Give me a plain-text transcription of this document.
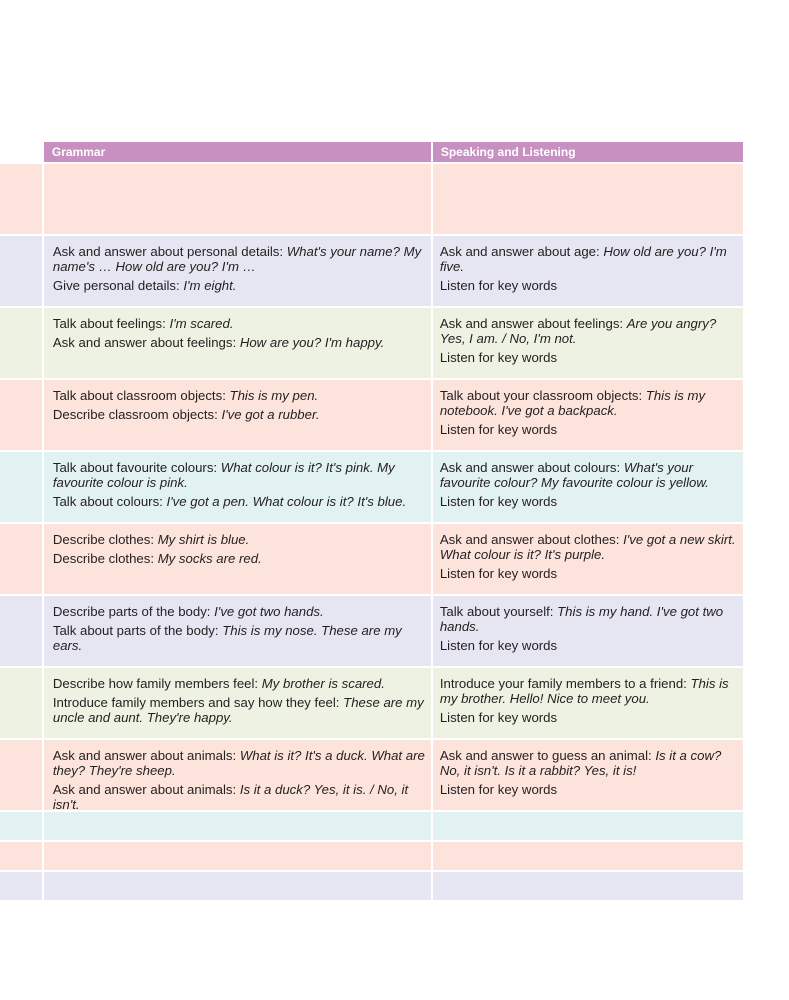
Grammar	Speaking and Listening
Ask and answer about personal details: What's your name? My name's … How old are you? I'm …
Give personal details: I'm eight.
Ask and answer about age: How old are you? I'm five.
Listen for key words
Talk about feelings: I'm scared.
Ask and answer about feelings: How are you? I'm happy.
Ask and answer about feelings: Are you angry? Yes, I am. / No, I'm not.
Listen for key words
Talk about classroom objects: This is my pen.
Describe classroom objects: I've got a rubber.
Talk about your classroom objects: This is my notebook. I've got a backpack.
Listen for key words
Talk about favourite colours: What colour is it? It's pink. My favourite colour is pink.
Talk about colours: I've got a pen. What colour is it? It's blue.
Ask and answer about colours: What's your favourite colour? My favourite colour is yellow.
Listen for key words
Describe clothes: My shirt is blue.
Describe clothes: My socks are red.
Ask and answer about clothes: I've got a new skirt. What colour is it? It's purple.
Listen for key words
Describe parts of the body: I've got two hands.
Talk about parts of the body: This is my nose. These are my ears.
Talk about yourself: This is my hand. I've got two hands.
Listen for key words
Describe how family members feel: My brother is scared.
Introduce family members and say how they feel: These are my uncle and aunt. They're happy.
Introduce your family members to a friend: This is my brother. Hello! Nice to meet you.
Listen for key words
Ask and answer about animals: What is it? It's a duck. What are they? They're sheep.
Ask and answer about animals: Is it a duck? Yes, it is. / No, it isn't.
Ask and answer to guess an animal: Is it a cow? No, it isn't. Is it a rabbit? Yes, it is!
Listen for key words
